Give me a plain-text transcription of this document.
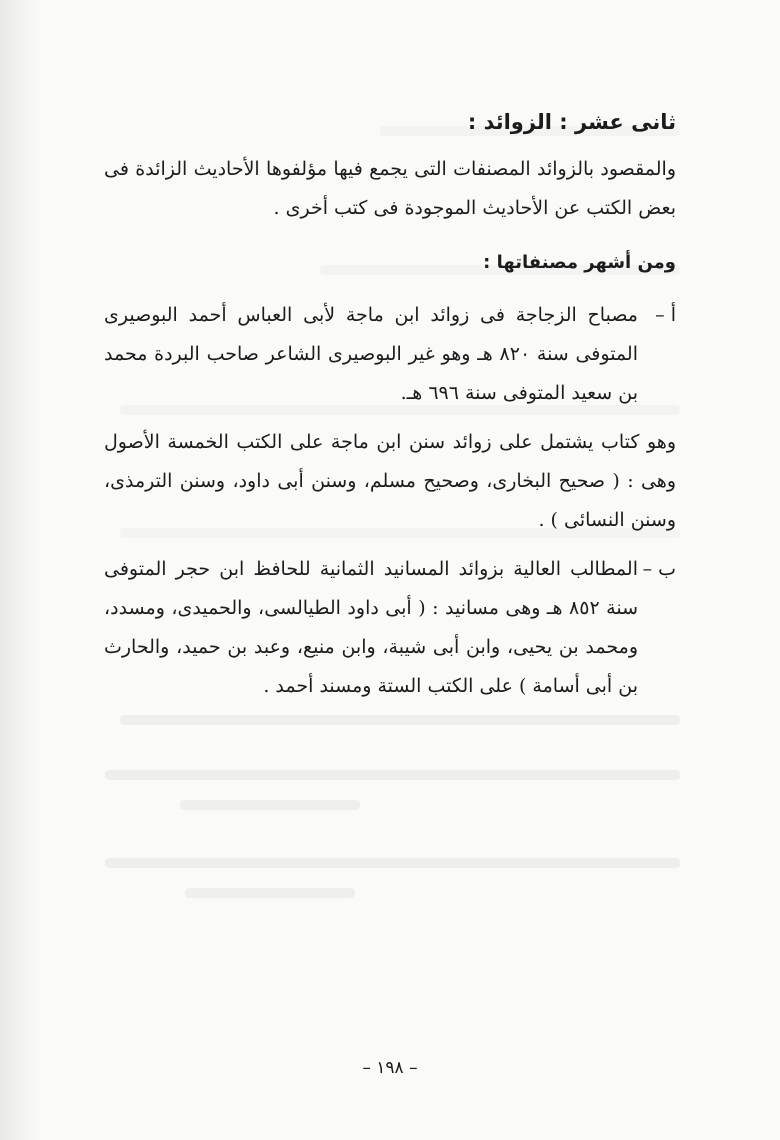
ثانى عشر : الزوائد :

والمقصود بالزوائد المصنفات التى يجمع فيها مؤلفوها الأحاديث الزائدة فى بعض الكتب عن الأحاديث الموجودة فى كتب أخرى .

ومن أشهر مصنفاتها :
أ –
مصباح الزجاجة فى زوائد ابن ماجة لأبى العباس أحمد البوصيرى المتوفى سنة ٨٢٠ هـ وهو غير البوصيرى الشاعر صاحب البردة محمد بن سعيد المتوفى سنة ٦٩٦ هـ.

وهو كتاب يشتمل على زوائد سنن ابن ماجة على الكتب الخمسة الأصول وهى : ( صحيح البخارى، وصحيح مسلم، وسنن أبى داود، وسنن الترمذى، وسنن النسائى ) .

ب –
المطالب العالية بزوائد المسانيد الثمانية للحافظ ابن حجر المتوفى سنة ٨٥٢ هـ وهى مسانيد : ( أبى داود الطيالسى، والحميدى، ومسدد، ومحمد بن يحيى، وابن أبى شيبة، وابن منيع، وعبد بن حميد، والحارث بن أبى أسامة ) على الكتب الستة ومسند أحمد .
– ١٩٨ –
